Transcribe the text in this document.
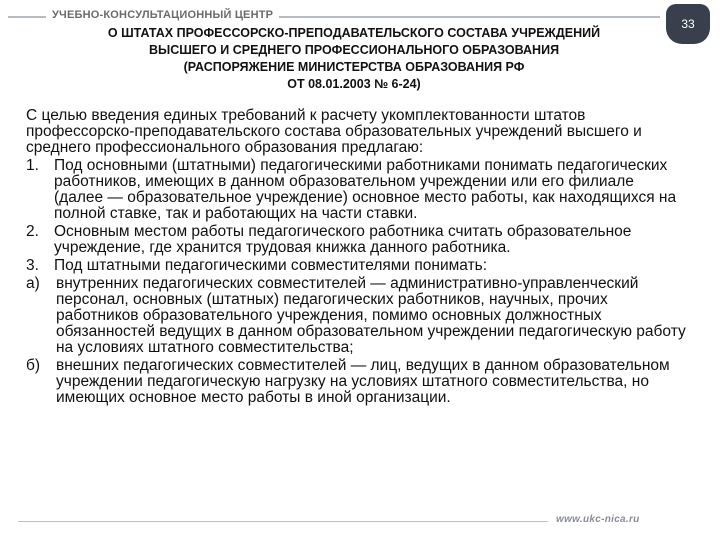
УЧЕБНО-КОНСУЛЬТАЦИОННЫЙ ЦЕНТР
33
О ШТАТАХ ПРОФЕССОРСКО-ПРЕПОДАВАТЕЛЬСКОГО СОСТАВА УЧРЕЖДЕНИЙ
ВЫСШЕГО И СРЕДНЕГО ПРОФЕССИОНАЛЬНОГО ОБРАЗОВАНИЯ
(РАСПОРЯЖЕНИЕ МИНИСТЕРСТВА ОБРАЗОВАНИЯ РФ
ОТ 08.01.2003 № 6-24)

С целью введения единых требований к расчету укомплектованности штатов профессорско-преподавательского состава образовательных учреждений высшего и среднего профессионального образования предлагаю:

1. Под основными (штатными) педагогическими работниками понимать педагогических работников, имеющих в данном образовательном учреждении или его филиале (далее — образовательное учреждение) основное место работы, как находящихся на полной ставке, так и работающих на части ставки.
2. Основным местом работы педагогического работника считать образовательное учреждение, где хранится трудовая книжка данного работника.
3. Под штатными педагогическими совместителями понимать:
а) внутренних педагогических совместителей — административно-управленческий персонал, основных (штатных) педагогических работников, научных, прочих работников образовательного учреждения, помимо основных должностных обязанностей ведущих в данном образовательном учреждении педагогическую работу на условиях штатного совместительства;
б) внешних педагогических совместителей — лиц, ведущих в данном образовательном учреждении педагогическую нагрузку на условиях штатного совместительства, но имеющих основное место работы в иной организации.
www.ukc-nica.ru
